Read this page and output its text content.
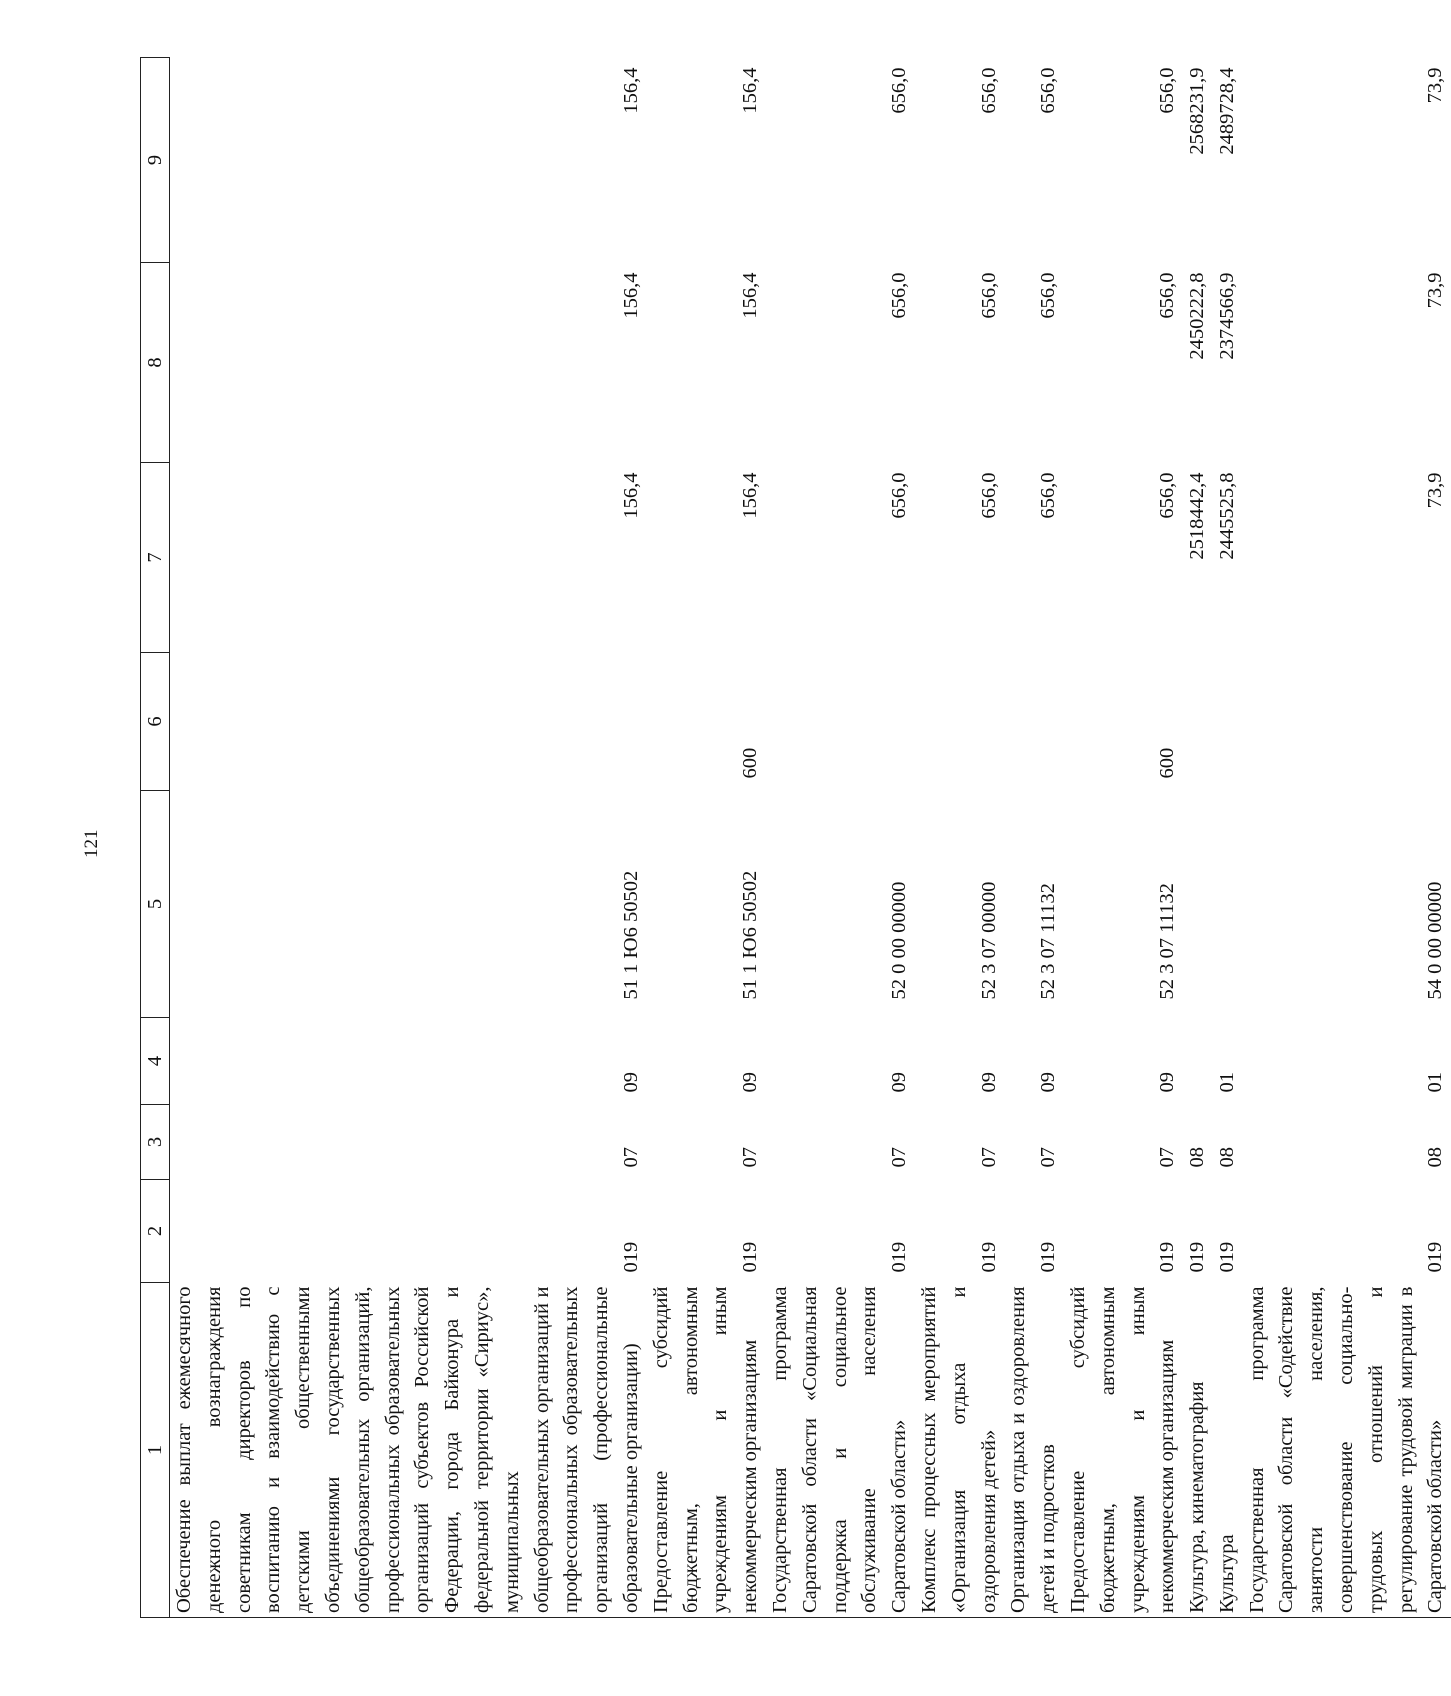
121
1	2	3	4	5	6	7	8	9
Обеспечение выплат ежемесячного денежного вознаграждения советникам директоров по воспитанию и взаимодействию с детскими общественными объединениями государственных общеобразовательных организаций, профессиональных образовательных организаций субъектов Российской Федерации, города Байконура и федеральной территории «Сириус», муниципальных общеобразовательных организаций и профессиональных образовательных организаций (профессиональные образовательные организации)	019	07	09	51 1 Ю6 50502		156,4	156,4	156,4
Предоставление субсидий бюджетным, автономным учреждениям и иным некоммерческим организациям	019	07	09	51 1 Ю6 50502	600	156,4	156,4	156,4
Государственная программа Саратовской области «Социальная поддержка и социальное обслуживание населения Саратовской области»	019	07	09	52 0 00 00000		656,0	656,0	656,0
Комплекс процессных мероприятий «Организация отдыха и оздоровления детей»	019	07	09	52 3 07 00000		656,0	656,0	656,0
Организация отдыха и оздоровления детей и подростков	019	07	09	52 3 07 11132		656,0	656,0	656,0
Предоставление субсидий бюджетным, автономным учреждениям и иным некоммерческим организациям	019	07	09	52 3 07 11132	600	656,0	656,0	656,0
Культура, кинематография	019	08				2518442,4	2450222,8	2568231,9
Культура	019	08	01			2445525,8	2374566,9	2489728,4
Государственная программа Саратовской области «Содействие занятости населения, совершенствование социально-трудовых отношений и регулирование трудовой миграции в Саратовской области»	019	08	01	54 0 00 00000		73,9	73,9	73,9
